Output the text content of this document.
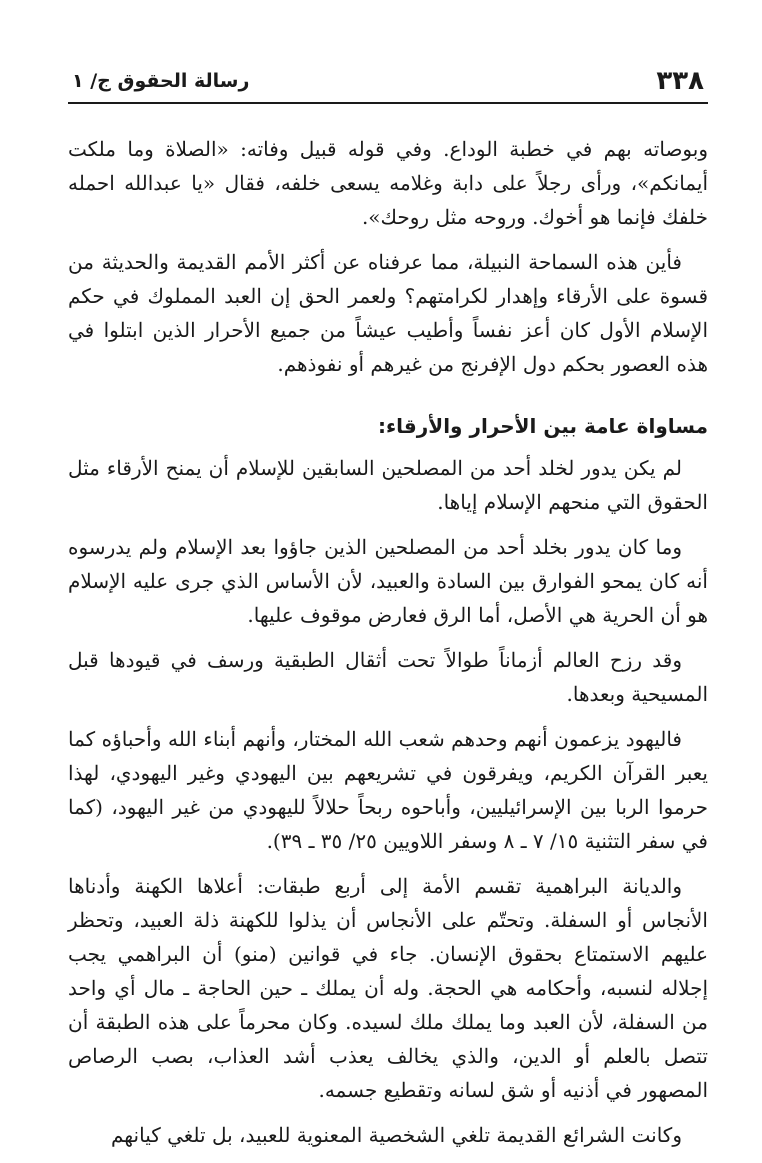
٣٣٨
رسالة الحقوق ج/ ١

وبوصاته بهم في خطبة الوداع. وفي قوله قبيل وفاته: «الصلاة وما ملكت أيمانكم»، ورأى رجلاً على دابة وغلامه يسعى خلفه، فقال «يا عبدالله احمله خلفك فإنما هو أخوك. وروحه مثل روحك».

فأين هذه السماحة النبيلة، مما عرفناه عن أكثر الأمم القديمة والحديثة من قسوة على الأرقاء وإهدار لكرامتهم؟ ولعمر الحق إن العبد المملوك في حكم الإسلام الأول كان أعز نفساً وأطيب عيشاً من جميع الأحرار الذين ابتلوا في هذه العصور بحكم دول الإفرنج من غيرهم أو نفوذهم.

مساواة عامة بين الأحرار والأرقاء:

لم يكن يدور لخلد أحد من المصلحين السابقين للإسلام أن يمنح الأرقاء مثل الحقوق التي منحهم الإسلام إياها.

وما كان يدور بخلد أحد من المصلحين الذين جاؤوا بعد الإسلام ولم يدرسوه أنه كان يمحو الفوارق بين السادة والعبيد، لأن الأساس الذي جرى عليه الإسلام هو أن الحرية هي الأصل، أما الرق فعارض موقوف عليها.

وقد رزح العالم أزماناً طوالاً تحت أثقال الطبقية ورسف في قيودها قبل المسيحية وبعدها.

فاليهود يزعمون أنهم وحدهم شعب الله المختار، وأنهم أبناء الله وأحباؤه كما يعبر القرآن الكريم، ويفرقون في تشريعهم بين اليهودي وغير اليهودي، لهذا حرموا الربا بين الإسرائيليين، وأباحوه ربحاً حلالاً لليهودي من غير اليهود، (كما في سفر التثنية ١٥/ ٧ ـ ٨ وسفر اللاويين ٢٥/ ٣٥ ـ ٣٩).

والديانة البراهمية تقسم الأمة إلى أربع طبقات: أعلاها الكهنة وأدناها الأنجاس أو السفلة. وتحتّم على الأنجاس أن يذلوا للكهنة ذلة العبيد، وتحظر عليهم الاستمتاع بحقوق الإنسان. جاء في قوانين (منو) أن البراهمي يجب إجلاله لنسبه، وأحكامه هي الحجة. وله أن يملك ـ حين الحاجة ـ مال أي واحد من السفلة، لأن العبد وما يملك ملك لسيده. وكان محرماً على هذه الطبقة أن تتصل بالعلم أو الدين، والذي يخالف يعذب أشد العذاب، بصب الرصاص المصهور في أذنيه أو شق لسانه وتقطيع جسمه.

وكانت الشرائع القديمة تلغي الشخصية المعنوية للعبيد، بل تلغي كيانهم
